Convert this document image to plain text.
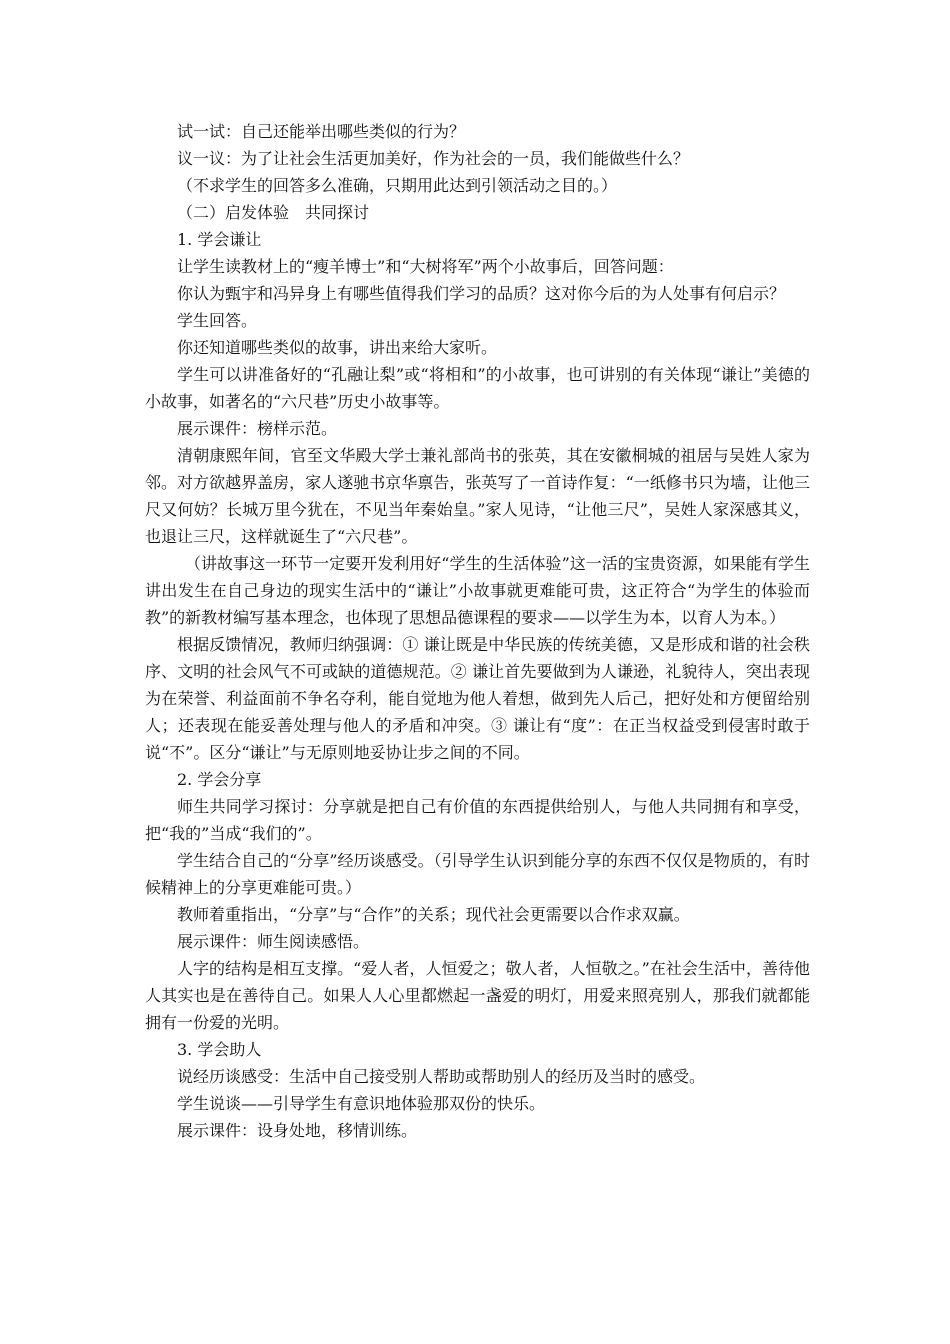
试一试：自己还能举出哪些类似的行为？

议一议：为了让社会生活更加美好，作为社会的一员，我们能做些什么？

（不求学生的回答多么准确，只期用此达到引领活动之目的。）

（二）启发体验　共同探讨

1. 学会谦让

让学生读教材上的“瘦羊博士”和“大树将军”两个小故事后，回答问题：

你认为甄宇和冯异身上有哪些值得我们学习的品质？这对你今后的为人处事有何启示？

学生回答。

你还知道哪些类似的故事，讲出来给大家听。

学生可以讲准备好的“孔融让梨”或“将相和”的小故事，也可讲别的有关体现“谦让”美德的小故事，如著名的“六尺巷”历史小故事等。

展示课件：榜样示范。

清朝康熙年间，官至文华殿大学士兼礼部尚书的张英，其在安徽桐城的祖居与吴姓人家为邻。对方欲越界盖房，家人遂驰书京华禀告，张英写了一首诗作复：“一纸修书只为墙，让他三尺又何妨？长城万里今犹在，不见当年秦始皇。”家人见诗，“让他三尺”，吴姓人家深感其义，也退让三尺，这样就诞生了“六尺巷”。

（讲故事这一环节一定要开发利用好“学生的生活体验”这一活的宝贵资源，如果能有学生讲出发生在自己身边的现实生活中的“谦让”小故事就更难能可贵，这正符合“为学生的体验而教”的新教材编写基本理念，也体现了思想品德课程的要求——以学生为本，以育人为本。）

根据反馈情况，教师归纳强调：① 谦让既是中华民族的传统美德，又是形成和谐的社会秩序、文明的社会风气不可或缺的道德规范。② 谦让首先要做到为人谦逊，礼貌待人，突出表现为在荣誉、利益面前不争名夺利，能自觉地为他人着想，做到先人后己，把好处和方便留给别人；还表现在能妥善处理与他人的矛盾和冲突。③ 谦让有“度”：在正当权益受到侵害时敢于说“不”。区分“谦让”与无原则地妥协让步之间的不同。

2. 学会分享

师生共同学习探讨：分享就是把自己有价值的东西提供给别人，与他人共同拥有和享受，把“我的”当成“我们的”。

学生结合自己的“分享”经历谈感受。（引导学生认识到能分享的东西不仅仅是物质的，有时候精神上的分享更难能可贵。）

教师着重指出，“分享”与“合作”的关系；现代社会更需要以合作求双赢。

展示课件：师生阅读感悟。

人字的结构是相互支撑。“爱人者，人恒爱之；敬人者，人恒敬之。”在社会生活中，善待他人其实也是在善待自己。如果人人心里都燃起一盏爱的明灯，用爱来照亮别人，那我们就都能拥有一份爱的光明。

3. 学会助人

说经历谈感受：生活中自己接受别人帮助或帮助别人的经历及当时的感受。

学生说谈——引导学生有意识地体验那双份的快乐。

展示课件：设身处地，移情训练。
